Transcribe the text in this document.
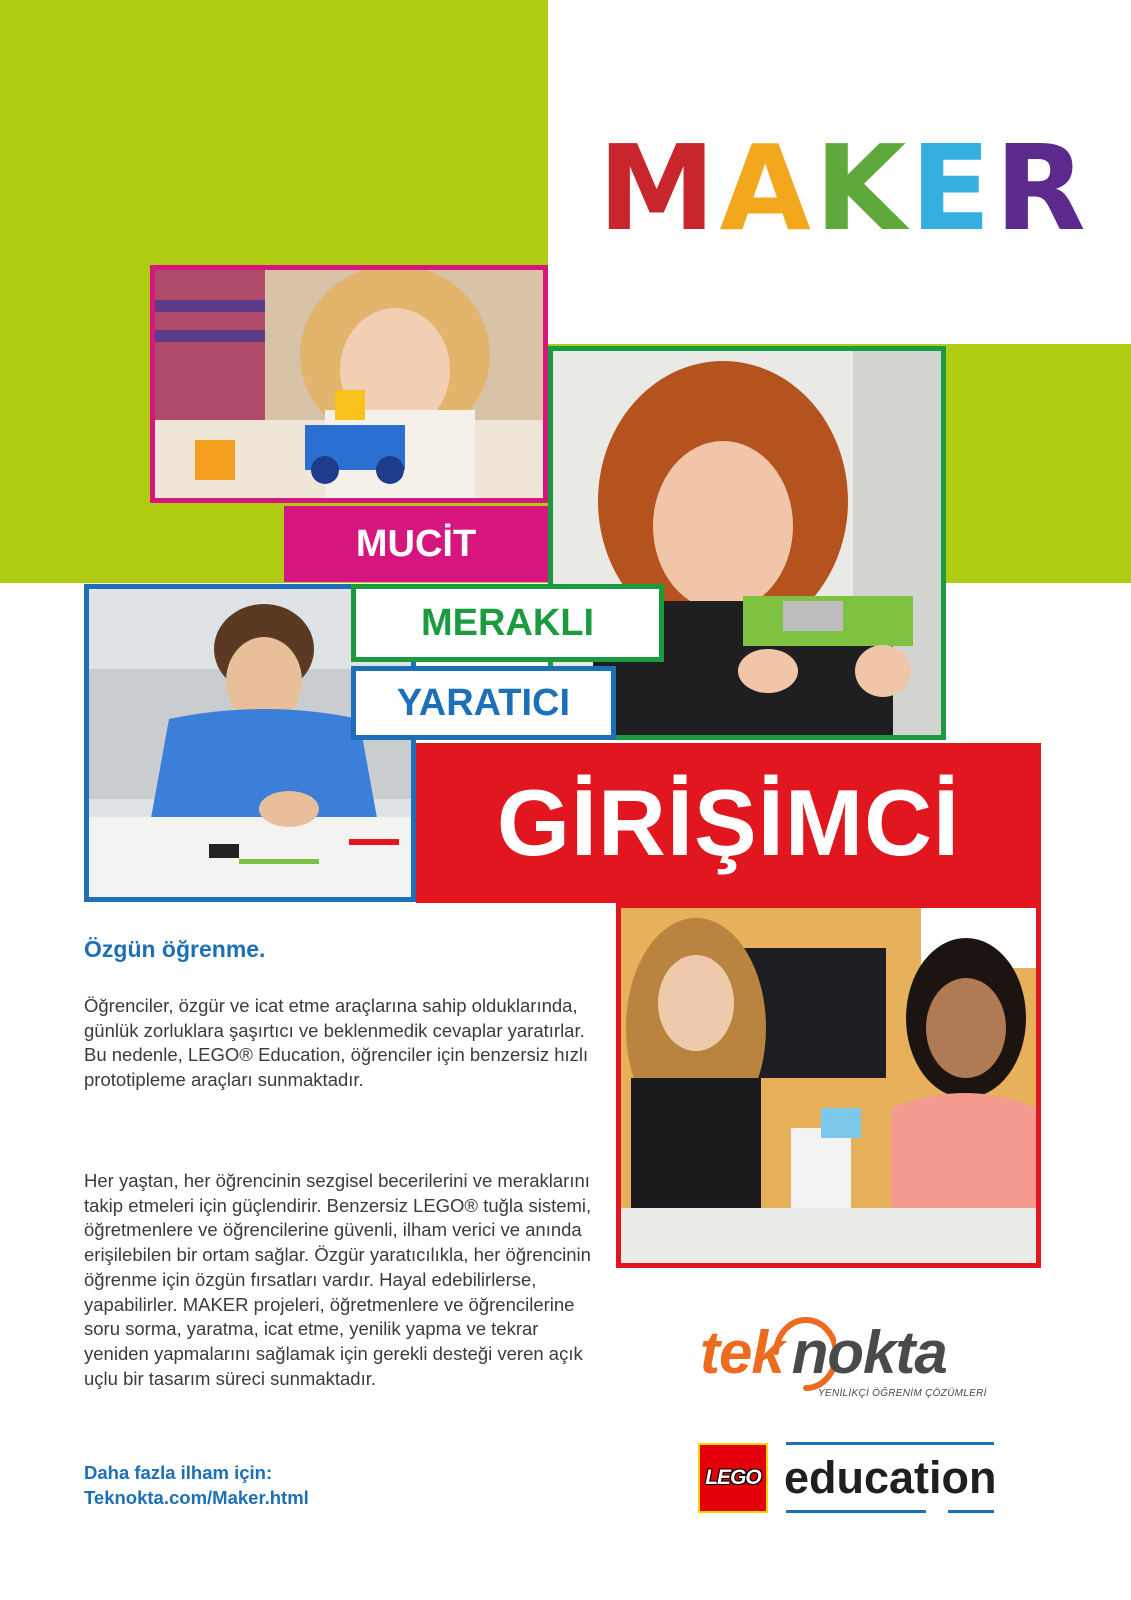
M A K E R
MUCİT
MERAKLI
YARATICI
GİRİŞİMCİ
Özgün öğrenme.
Öğrenciler, özgür ve icat etme araçlarına sahip olduklarında, günlük zorluklara şaşırtıcı ve beklenmedik cevaplar yaratırlar. Bu nedenle, LEGO® Education, öğrenciler için benzersiz hızlı prototipleme araçları sunmaktadır.
Her yaştan, her öğrencinin sezgisel becerilerini ve meraklarını takip etmeleri için güçlendirir. Benzersiz LEGO® tuğla sistemi, öğretmenlere ve öğrencilerine güvenli, ilham verici ve anında erişilebilen bir ortam sağlar. Özgür yaratıcılıkla, her öğrencinin öğrenme için özgün fırsatları vardır. Hayal edebilirlerse, yapabilirler. MAKER projeleri, öğretmenlere ve öğrencilerine soru sorma, yaratma, icat etme, yenilik yapma ve tekrar yeniden yapmalarını sağlamak için gerekli desteği veren açık uçlu bir tasarım süreci sunmaktadır.
Daha fazla ilham için:
Teknokta.com/Maker.html
tek nokta
YENİLİKÇİ ÖĞRENİM ÇÖZÜMLERİ
LEGO education
